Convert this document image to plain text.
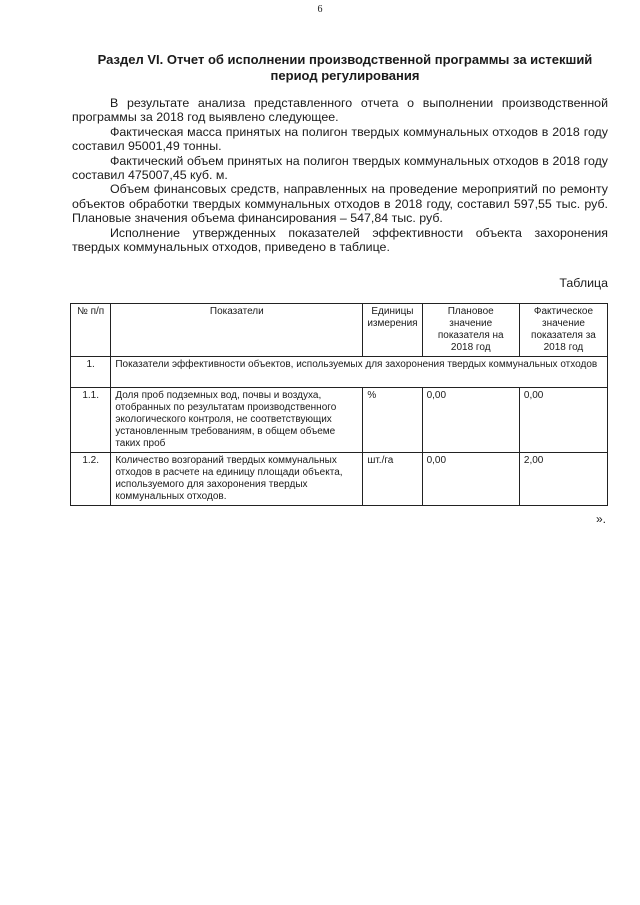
6
Раздел VI. Отчет об исполнении производственной программы за истекший период регулирования

В результате анализа представленного отчета о выполнении производственной программы за 2018 год выявлено следующее.

Фактическая масса принятых на полигон твердых коммунальных отходов в 2018 году составил 95001,49 тонны.

Фактический объем принятых на полигон твердых коммунальных отходов в 2018 году составил 475007,45 куб. м.

Объем финансовых средств, направленных на проведение мероприятий по ремонту объектов обработки твердых коммунальных отходов в 2018 году, составил 597,55 тыс. руб. Плановые значения объема финансирования – 547,84 тыс. руб.

Исполнение утвержденных показателей эффективности объекта захоронения твердых коммунальных отходов, приведено в таблице.

Таблица
№ п/п	Показатели	Единицы измерения	Плановое значение показателя на 2018 год	Фактическое значение показателя за 2018 год
1.	Показатели эффективности объектов, используемых для захоронения твердых коммунальных отходов			
1.1.	Доля проб подземных вод, почвы и воздуха, отобранных по результатам производственного экологического контроля, не соответствующих установленным требованиям, в общем объеме таких проб	%	0,00	0,00
1.2.	Количество возгораний твердых коммунальных отходов в расчете на единицу площади объекта, используемого для захоронения твердых коммунальных отходов.	шт./га	0,00	2,00
».
